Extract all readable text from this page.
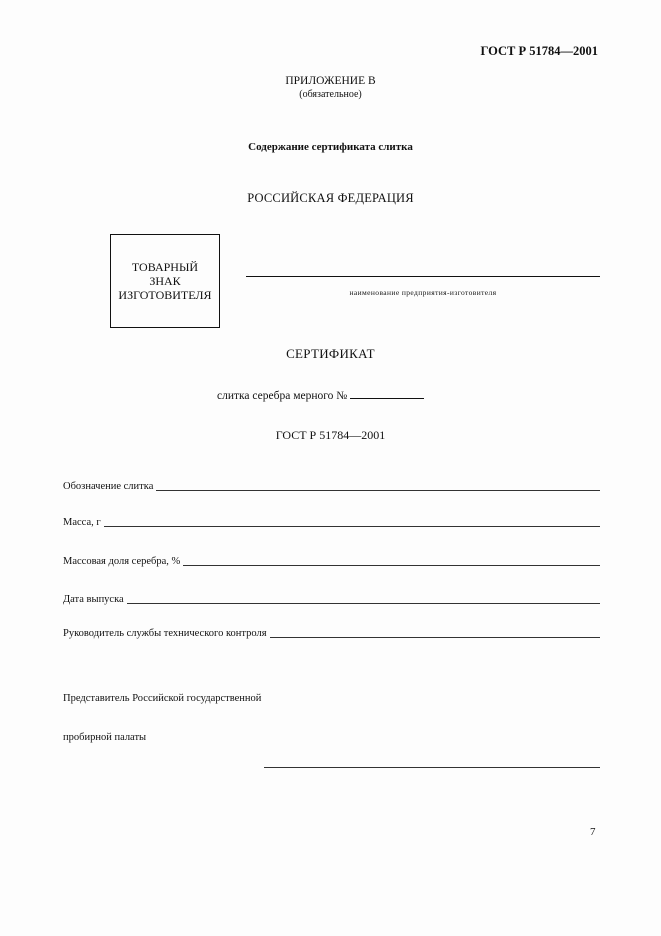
ГОСТ Р 51784—2001
ПРИЛОЖЕНИЕ В
(обязательное)
Содержание сертификата слитка
РОССИЙСКАЯ ФЕДЕРАЦИЯ
ТОВАРНЫЙ
ЗНАК
ИЗГОТОВИТЕЛЯ	наименование предприятия-изготовителя
СЕРТИФИКАТ
слитка серебра мерного №
ГОСТ Р 51784—2001
Обозначение слитка
Масса, г
Массовая доля серебра, %
Дата выпуска
Руководитель службы технического контроля

Представитель Российской государственной

пробирной палаты

7
